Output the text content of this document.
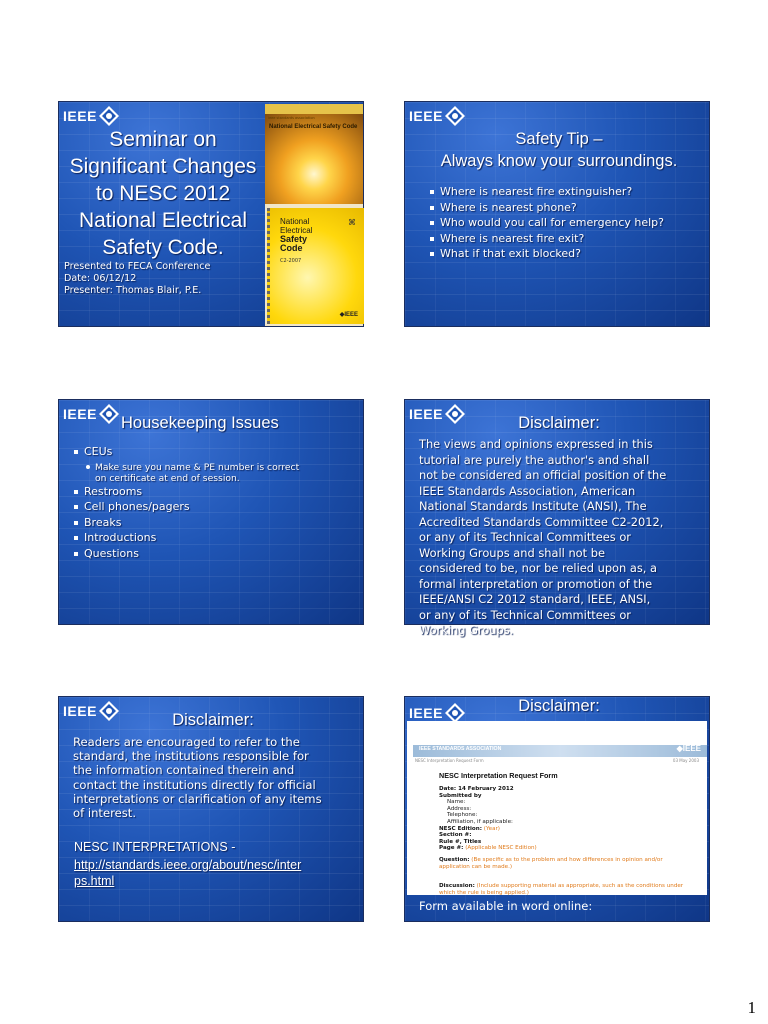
IEEE
Seminar on
Significant Changes
to NESC 2012
National Electrical
Safety Code.
Presented to FECA Conference
Date: 06/12/12
Presenter: Thomas Blair, P.E.
ieee standards association
National Electrical Safety Code
⌘
National
Electrical
Safety
Code
C2-2007
◆IEEE
IEEE
Safety Tip –
Always know your surroundings.
Where is nearest fire extinguisher?
Where is nearest phone?
Who would you call for emergency help?
Where is nearest fire exit?
What if that exit blocked?
IEEE	Housekeeping Issues
CEUs
Make sure you name & PE number is correct
on certificate at end of session.
Restrooms
Cell phones/pagers
Breaks
Introductions
Questions
IEEE	Disclaimer:
The views and opinions expressed in this
tutorial are purely the author's and shall
not be considered an official position of the
IEEE Standards Association, American
National Standards Institute (ANSI), The
Accredited Standards Committee C2-2012,
or any of its Technical Committees or
Working Groups and shall not be
considered to be, nor be relied upon as, a
formal interpretation or promotion of the
IEEE/ANSI C2 2012 standard, IEEE, ANSI,
or any of its Technical Committees or
Working Groups.
IEEE	Disclaimer:
Readers are encouraged to refer to the
standard, the institutions responsible for
the information contained therein and
contact the institutions directly for official
interpretations or clarification of any items
of interest.
NESC INTERPRETATIONS -
http://standards.ieee.org/about/nesc/inter
ps.html
IEEE
IEEE STANDARDS ASSOCIATION	◆IEEE
NESC Interpretation Request Form	03 May 2003
NESC Interpretation Request Form
Date: 14 February 2012
Submitted by
Name:
Address:
Telephone:
Affiliation, if applicable:
NESC Edition: (Year)
Section #:
Rule #, Titles
Page #: (Applicable NESC Edition)
Question: (Be specific as to the problem and how differences in opinion and/or
application can be made.)
Discussion: (Include supporting material as appropriate, such as the conditions under
which the rule is being applied.)
Disclaimer:
Form available in word online:
1
